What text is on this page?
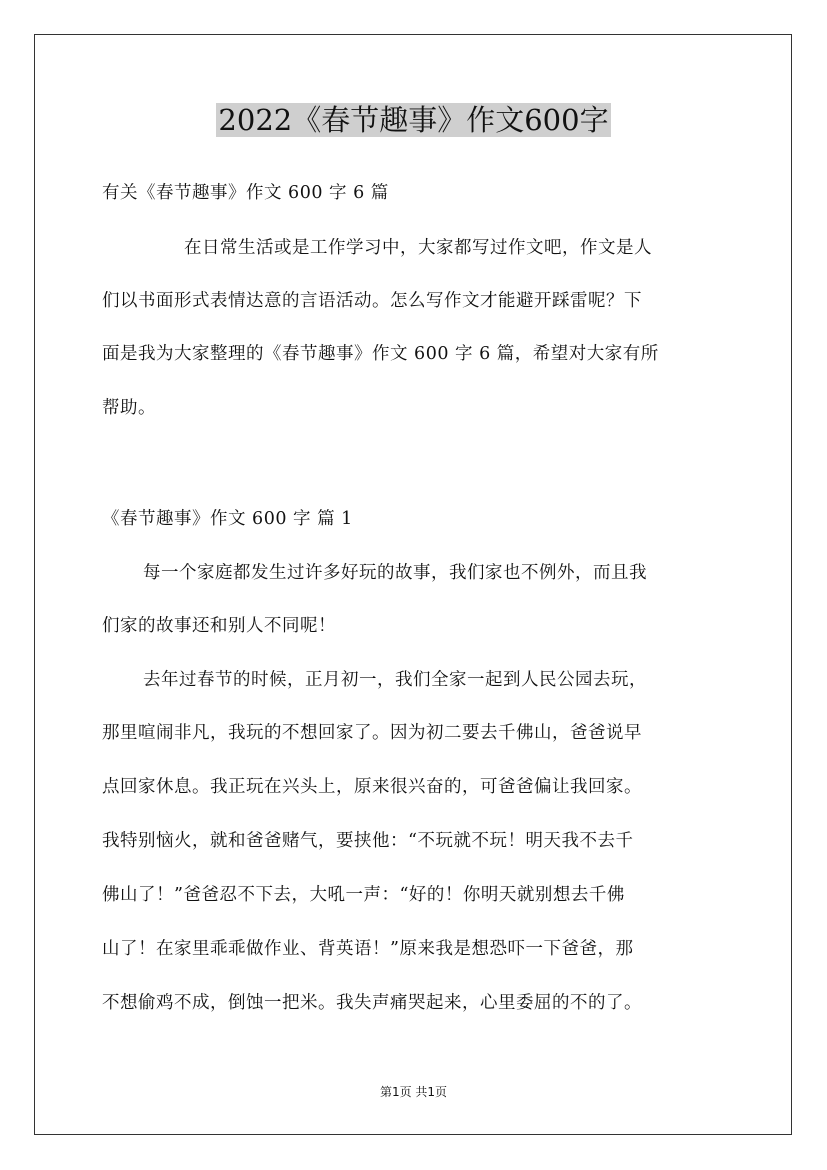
2022《春节趣事》作文600字
有关《春节趣事》作文 600 字 6 篇
在日常生活或是工作学习中，大家都写过作文吧，作文是人
们以书面形式表情达意的言语活动。怎么写作文才能避开踩雷呢？下
面是我为大家整理的《春节趣事》作文 600 字 6 篇，希望对大家有所
帮助。
《春节趣事》作文 600 字 篇 1
每一个家庭都发生过许多好玩的故事，我们家也不例外，而且我
们家的故事还和别人不同呢！
去年过春节的时候，正月初一，我们全家一起到人民公园去玩，
那里喧闹非凡，我玩的不想回家了。因为初二要去千佛山，爸爸说早
点回家休息。我正玩在兴头上，原来很兴奋的，可爸爸偏让我回家。
我特别恼火，就和爸爸赌气，要挟他：“不玩就不玩！明天我不去千
佛山了！”爸爸忍不下去，大吼一声：“好的！你明天就别想去千佛
山了！在家里乖乖做作业、背英语！”原来我是想恐吓一下爸爸，那
不想偷鸡不成，倒蚀一把米。我失声痛哭起来，心里委屈的不的了。
第1页 共1页
